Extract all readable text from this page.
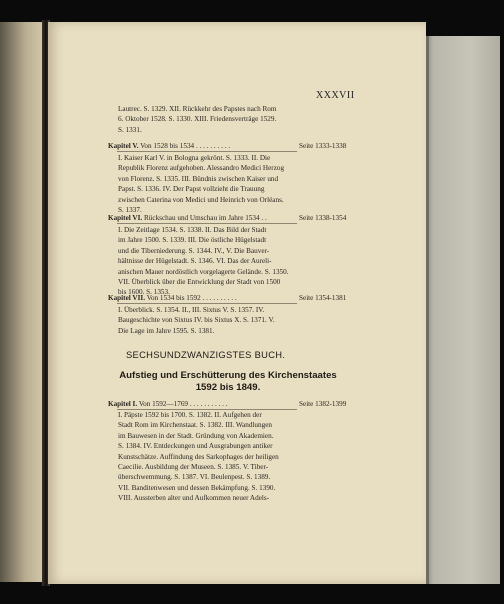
XXXVII
Lautrec. S. 1329. XII. Rückkehr des Papstes nach Rom
6. Oktober 1528. S. 1330. XIII. Friedensverträge 1529.
S. 1331.
Kapitel V. Von 1528 bis 1534 . . . . . . . . . .	Seite 1333-1338
I. Kaiser Karl V. in Bologna gekrönt. S. 1333. II. Die
Republik Florenz aufgehoben. Alessandro Medici Herzog
von Florenz. S. 1335. III. Bündnis zwischen Kaiser und
Papst. S. 1336. IV. Der Papst vollzieht die Trauung
zwischen Caterina von Medici und Heinrich von Orléans.
S. 1337.
Kapitel VI. Rückschau und Umschau im Jahre 1534 . .	Seite 1338-1354
I. Die Zeitlage 1534. S. 1338. II. Das Bild der Stadt
im Jahre 1500. S. 1339. III. Die östliche Hügelstadt
und die Tiberniederung. S. 1344. IV., V. Die Bauver-
hältnisse der Hügelstadt. S. 1346. VI. Das der Aureli-
anischen Mauer nordöstlich vorgelagerte Gelände. S. 1350.
VII. Überblick über die Entwicklung der Stadt von 1500
bis 1600. S. 1353.
Kapitel VII. Von 1534 bis 1592 . . . . . . . . . .	Seite 1354-1381
I. Überblick. S. 1354. II., III. Sixtus V. S. 1357. IV.
Baugeschichte von Sixtus IV. bis Sixtus X. S. 1371. V.
Die Lage im Jahre 1595. S. 1381.
SECHSUNDZWANZIGSTES BUCH.
Aufstieg und Erschütterung des Kirchenstaates
1592 bis 1849.
Kapitel I. Von 1592—1769 . . . . . . . . . . .	Seite 1382-1399
I. Päpste 1592 bis 1700. S. 1382. II. Aufgehen der
Stadt Rom im Kirchenstaat. S. 1382. III. Wandlungen
im Bauwesen in der Stadt. Gründung von Akademien.
S. 1384. IV. Entdeckungen und Ausgrabungen antiker
Kunstschätze. Auffindung des Sarkophages der heiligen
Caecilie. Ausbildung der Museen. S. 1385. V. Tiber-
überschwemmung. S. 1387. VI. Beulenpest. S. 1389.
VII. Banditenwesen und dessen Bekämpfung. S. 1390.
VIII. Aussterben alter und Aufkommen neuer Adels-
